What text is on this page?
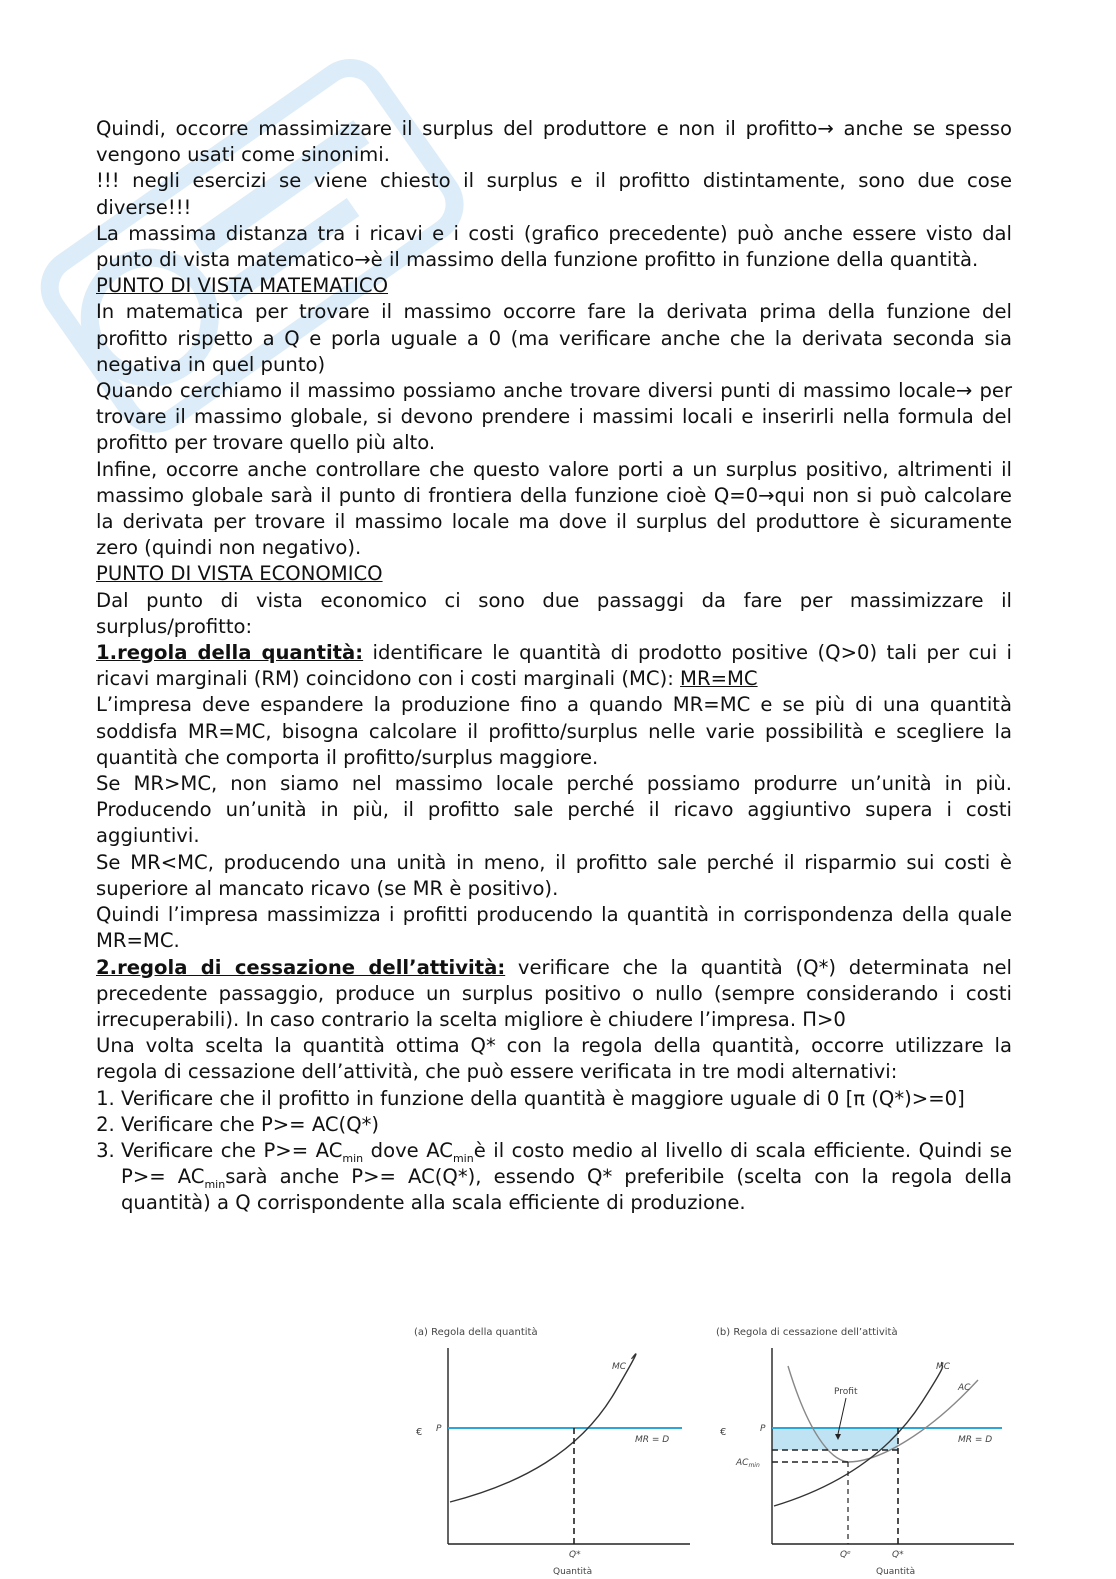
Quindi, occorre massimizzare il surplus del produttore e non il profitto→ anche se spesso vengono usati come sinonimi.

!!! negli esercizi se viene chiesto il surplus e il profitto distintamente, sono due cose diverse!!!

La massima distanza tra i ricavi e i costi (grafico precedente) può anche essere visto dal punto di vista matematico→è il massimo della funzione profitto in funzione della quantità.

PUNTO DI VISTA MATEMATICO

In matematica per trovare il massimo occorre fare la derivata prima della funzione del profitto rispetto a Q e porla uguale a 0 (ma verificare anche che la derivata seconda sia negativa in quel punto)

Quando cerchiamo il massimo possiamo anche trovare diversi punti di massimo locale→ per trovare il massimo globale, si devono prendere i massimi locali e inserirli nella formula del profitto per trovare quello più alto.

Infine, occorre anche controllare che questo valore porti a un surplus positivo, altrimenti il massimo globale sarà il punto di frontiera della funzione cioè Q=0→qui non si può calcolare la derivata per trovare il massimo locale ma dove il surplus del produttore è sicuramente zero (quindi non negativo).

PUNTO DI VISTA ECONOMICO

Dal punto di vista economico ci sono due passaggi da fare per massimizzare il surplus/profitto:

1.regola della quantità: identificare le quantità di prodotto positive (Q>0) tali per cui i ricavi marginali (RM) coincidono con i costi marginali (MC): MR=MC

L’impresa deve espandere la produzione fino a quando MR=MC e se più di una quantità soddisfa MR=MC, bisogna calcolare il profitto/surplus nelle varie possibilità e scegliere la quantità che comporta il profitto/surplus maggiore.

Se MR>MC, non siamo nel massimo locale perché possiamo produrre un’unità in più. Producendo un’unità in più, il profitto sale perché il ricavo aggiuntivo supera i costi aggiuntivi.

Se MR<MC, producendo una unità in meno, il profitto sale perché il risparmio sui costi è superiore al mancato ricavo (se MR è positivo).

Quindi l’impresa massimizza i profitti producendo la quantità in corrispondenza della quale MR=MC.

2.regola di cessazione dell’attività: verificare che la quantità (Q*) determinata nel precedente passaggio, produce un surplus positivo o nullo (sempre considerando i costi irrecuperabili). In caso contrario la scelta migliore è chiudere l’impresa. Π>0

Una volta scelta la quantità ottima Q* con la regola della quantità, occorre utilizzare la regola di cessazione dell’attività, che può essere verificata in tre modi alternativi:

1. Verificare che il profitto in funzione della quantità è maggiore uguale di 0 [π (Q*)>=0]
2. Verificare che P>= AC(Q*)
3. Verificare che $P>= AC_{min}$ dove $AC_{min}è$ il costo medio al livello di scala efficiente. Quindi se $P>= AC_{min}sarà$ anche P>= AC(Q*), essendo Q* preferibile (scelta con la regola della quantità) a Q corrispondente alla scala efficiente di produzione.
(a) Regola della quantità
€ P
MR = D
MC
Q*
Quantità
(b) Regola di cessazione dell’attività
€	P
$AC_{min}$
MR = D
AC
MC
Profit
Qᵉ	Q*
Quantità
